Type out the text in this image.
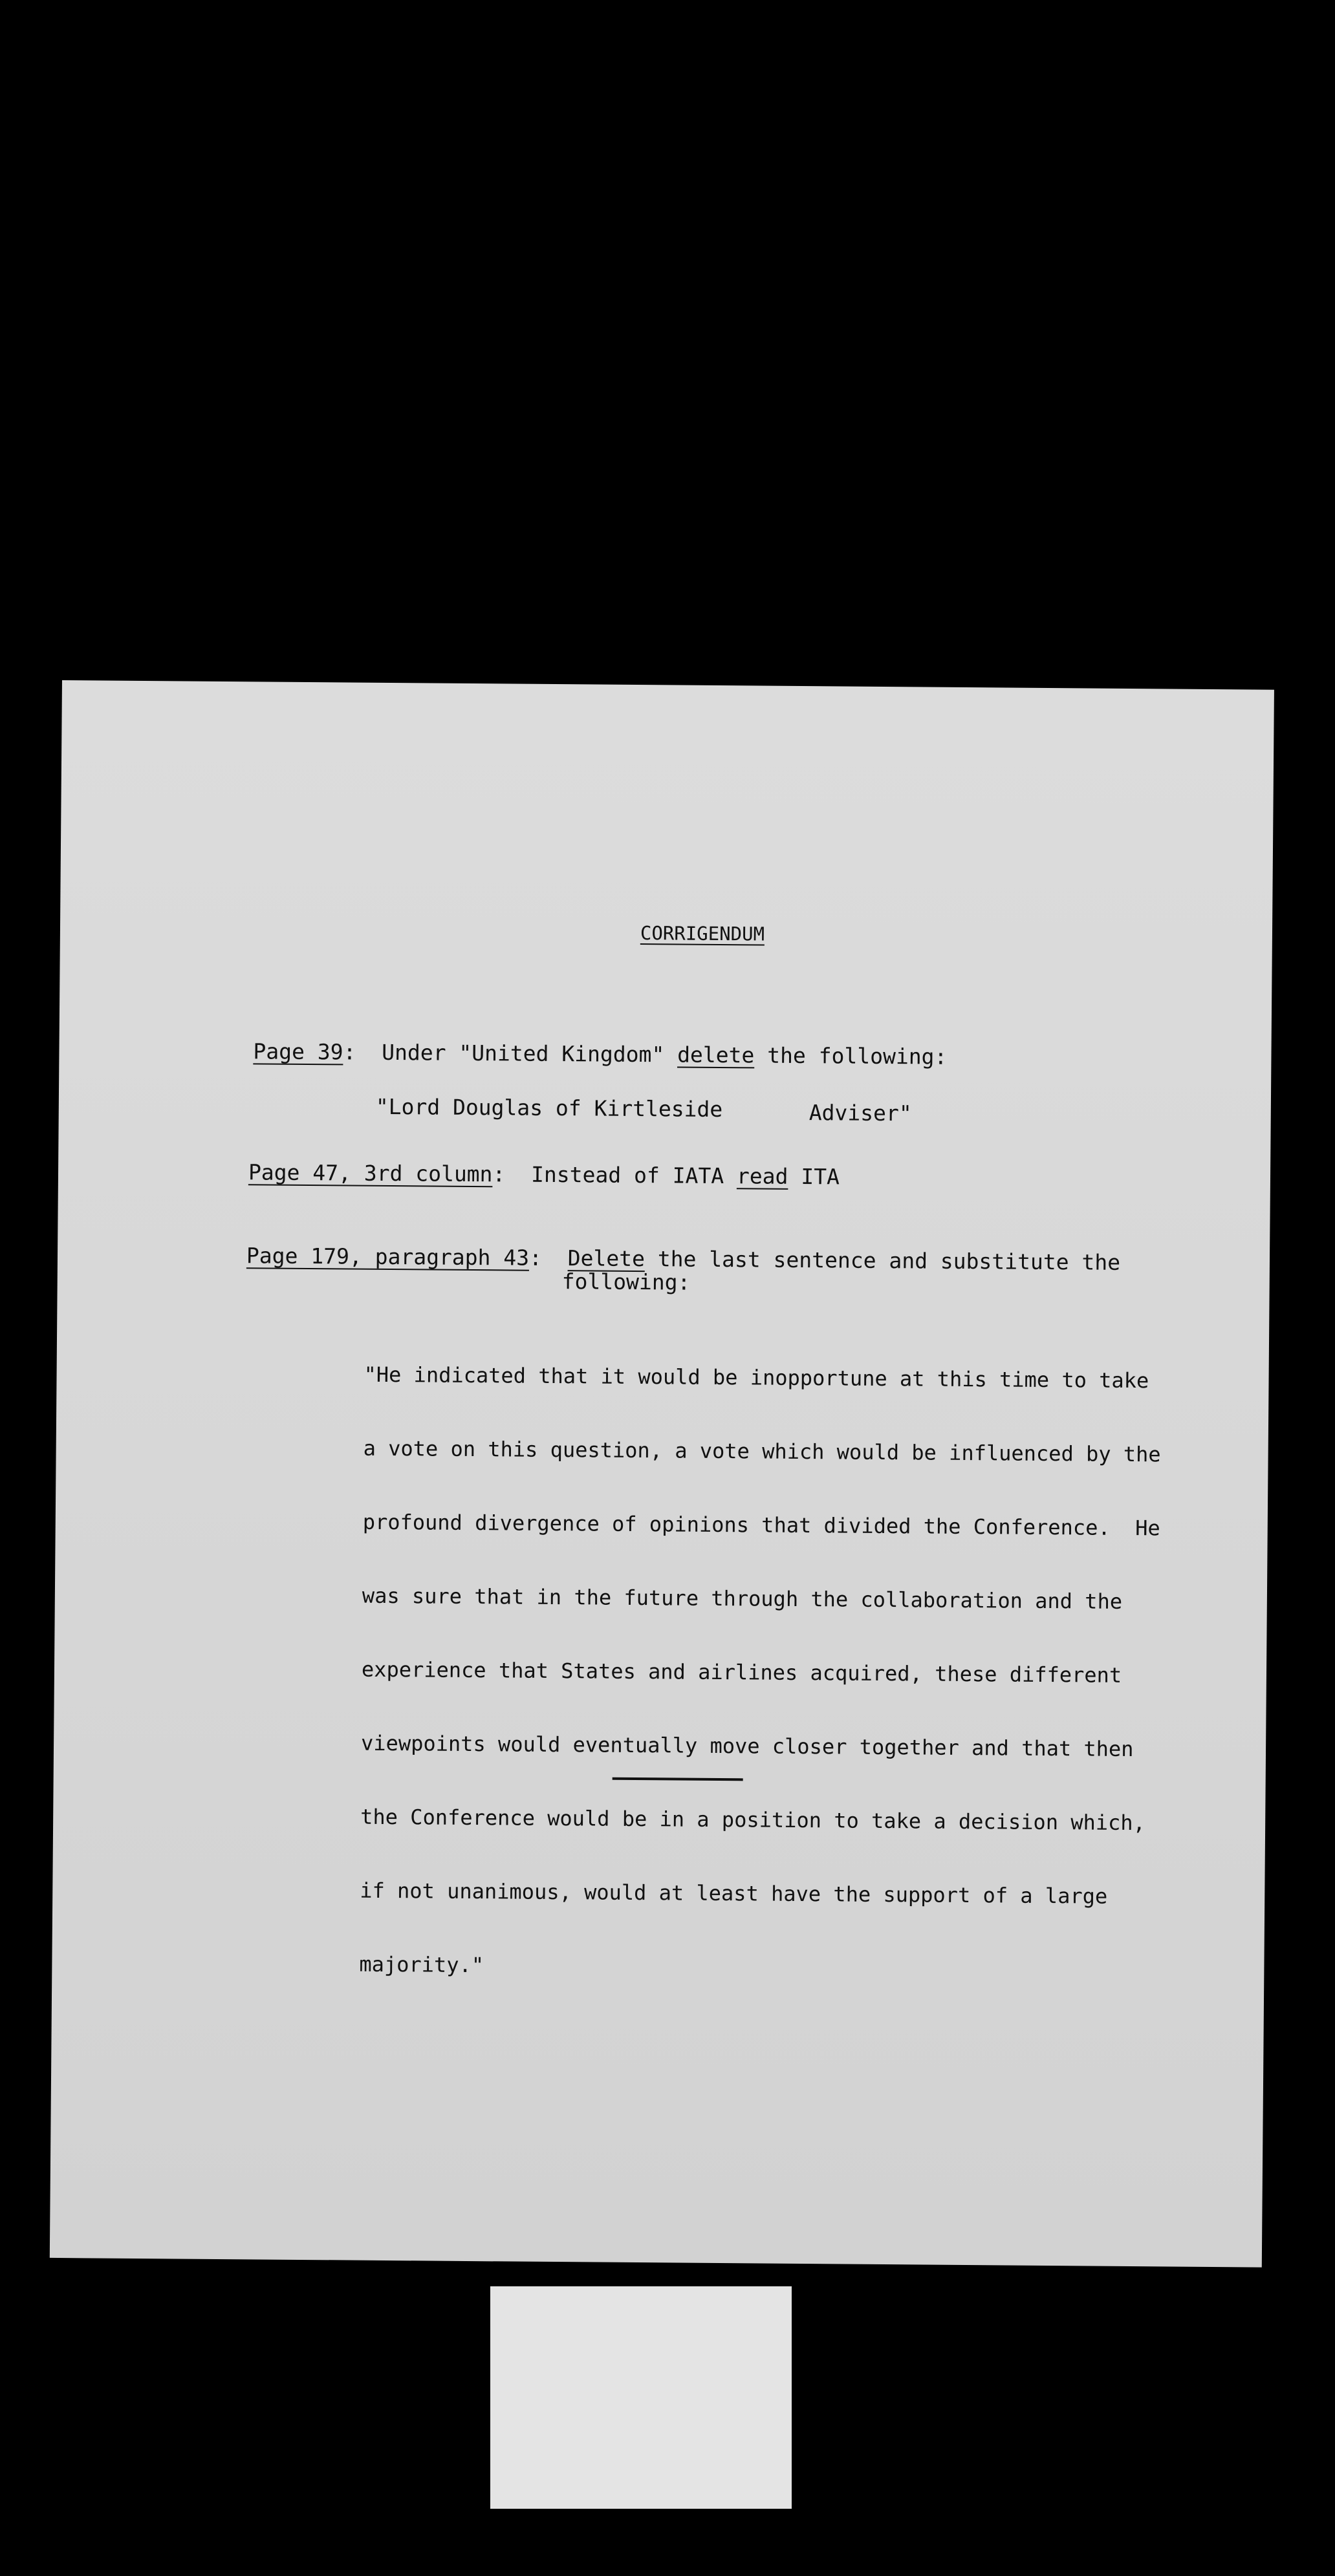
CORRIGENDUM
Page 39: Under "United Kingdom" delete the following:
"Lord Douglas of Kirtleside	Adviser"
Page 47, 3rd column: Instead of IATA read ITA
Page 179, paragraph 43: Delete the last sentence and substitute the
following:

"He indicated that it would be inopportune at this time to take

a vote on this question, a vote which would be influenced by the

profound divergence of opinions that divided the Conference.  He

was sure that in the future through the collaboration and the

experience that States and airlines acquired, these different

viewpoints would eventually move closer together and that then

the Conference would be in a position to take a decision which,

if not unanimous, would at least have the support of a large

majority."
